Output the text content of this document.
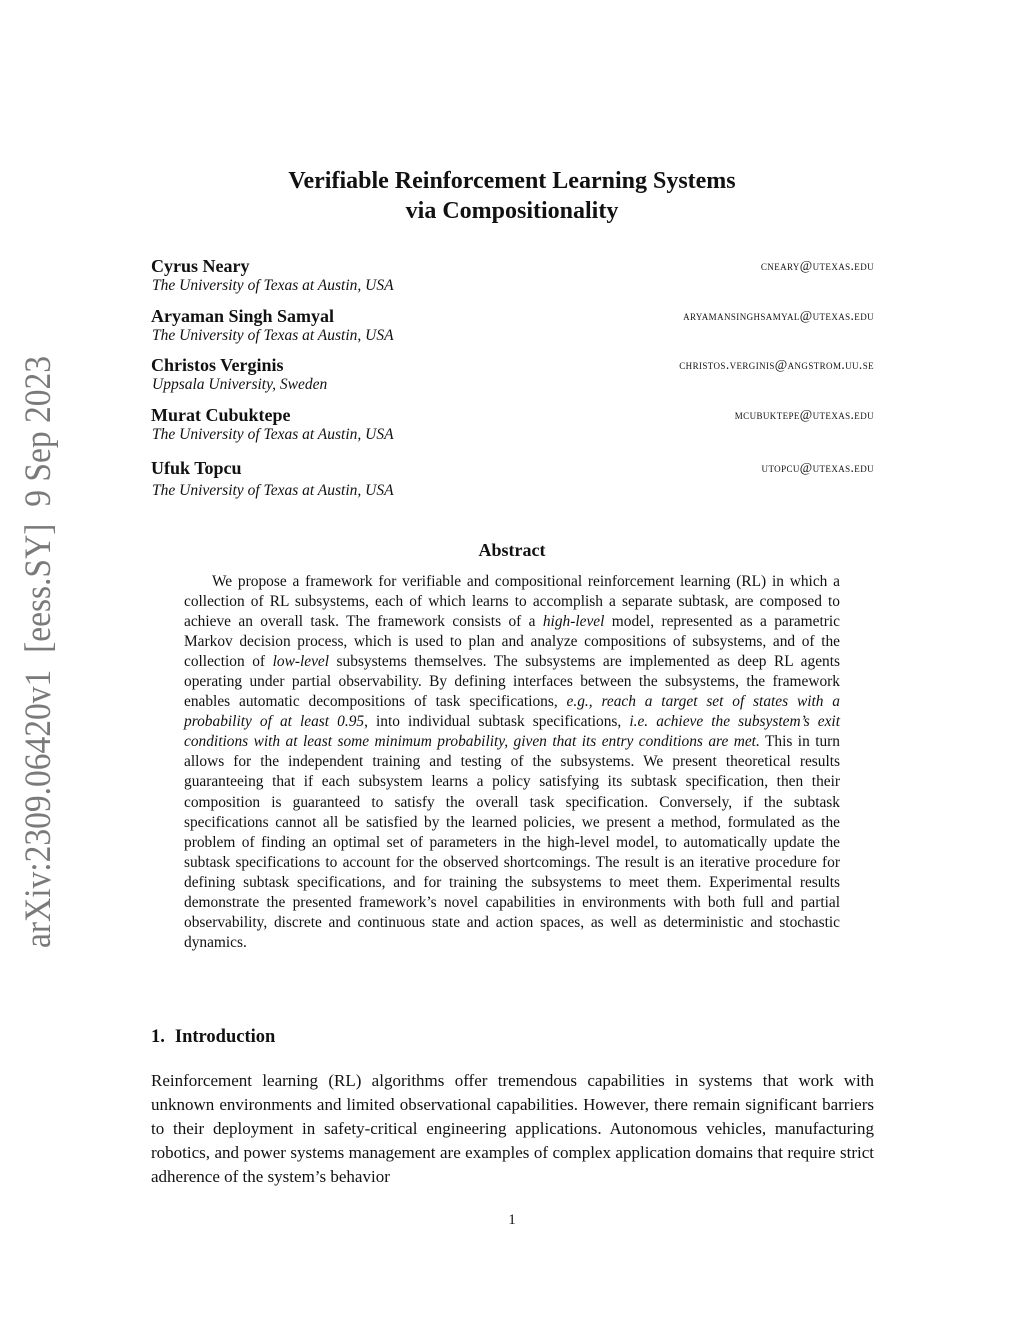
arXiv:2309.06420v1  [eess.SY]  9 Sep 2023
Verifiable Reinforcement Learning Systems
via Compositionality
Cyrus Neary
The University of Texas at Austin, USA
cneary@utexas.edu
Aryaman Singh Samyal
The University of Texas at Austin, USA
aryamansinghsamyal@utexas.edu
Christos Verginis
Uppsala University, Sweden
christos.verginis@angstrom.uu.se
Murat Cubuktepe
The University of Texas at Austin, USA
mcubuktepe@utexas.edu
Ufuk Topcu
The University of Texas at Austin, USA
utopcu@utexas.edu
Abstract

We propose a framework for verifiable and compositional reinforcement learning (RL) in which a collection of RL subsystems, each of which learns to accomplish a separate subtask, are composed to achieve an overall task. The framework consists of a high-level model, represented as a parametric Markov decision process, which is used to plan and analyze compositions of subsystems, and of the collection of low-level subsystems themselves. The subsystems are implemented as deep RL agents operating under partial observability. By defining interfaces between the subsystems, the framework enables automatic decompositions of task specifications, e.g., reach a target set of states with a probability of at least 0.95, into individual subtask specifications, i.e. achieve the subsystem’s exit conditions with at least some minimum probability, given that its entry conditions are met. This in turn allows for the independent training and testing of the subsystems. We present theoretical results guaranteeing that if each subsystem learns a policy satisfying its subtask specification, then their composition is guaranteed to satisfy the overall task specification. Conversely, if the subtask specifications cannot all be satisfied by the learned policies, we present a method, formulated as the problem of finding an optimal set of parameters in the high-level model, to automatically update the subtask specifications to account for the observed shortcomings. The result is an iterative procedure for defining subtask specifications, and for training the subsystems to meet them. Experimental results demonstrate the presented framework’s novel capabilities in environments with both full and partial observability, discrete and continuous state and action spaces, as well as deterministic and stochastic dynamics.

1. Introduction

Reinforcement learning (RL) algorithms offer tremendous capabilities in systems that work with unknown environments and limited observational capabilities. However, there remain significant barriers to their deployment in safety-critical engineering applications. Autonomous vehicles, manufacturing robotics, and power systems management are examples of complex application domains that require strict adherence of the system’s behavior

1
